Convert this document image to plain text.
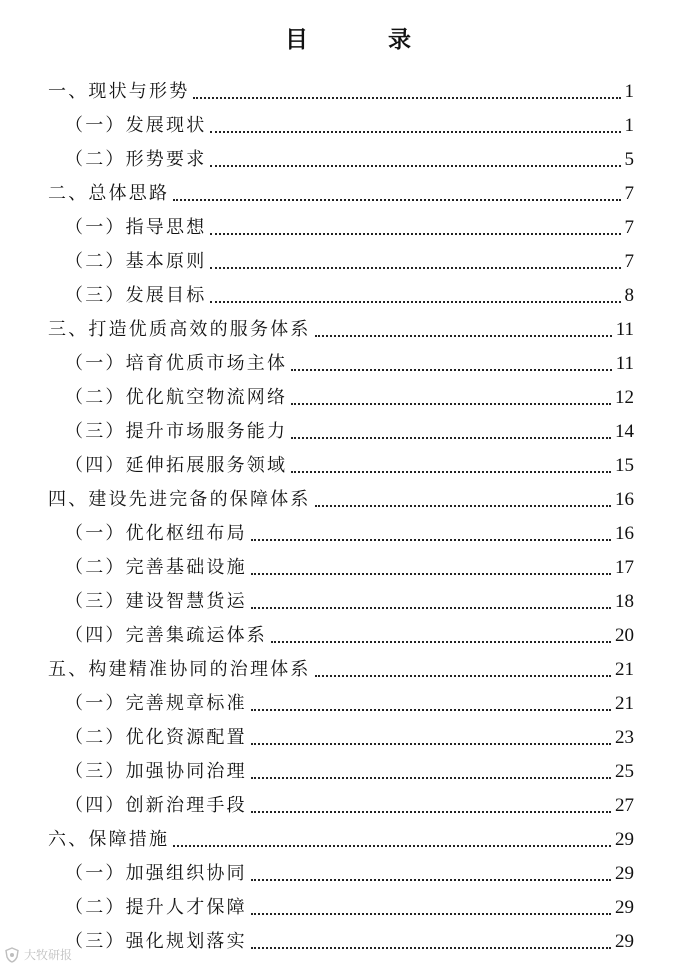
目 录
一、现状与形势	1
（一）发展现状	1
（二）形势要求	5
二、总体思路	7
（一）指导思想	7
（二）基本原则	7
（三）发展目标	8
三、打造优质高效的服务体系	11
（一）培育优质市场主体	11
（二）优化航空物流网络	12
（三）提升市场服务能力	14
（四）延伸拓展服务领域	15
四、建设先进完备的保障体系	16
（一）优化枢纽布局	16
（二）完善基础设施	17
（三）建设智慧货运	18
（四）完善集疏运体系	20
五、构建精准协同的治理体系	21
（一）完善规章标准	21
（二）优化资源配置	23
（三）加强协同治理	25
（四）创新治理手段	27
六、保障措施	29
（一）加强组织协同	29
（二）提升人才保障	29
（三）强化规划落实	29
大牧研报
